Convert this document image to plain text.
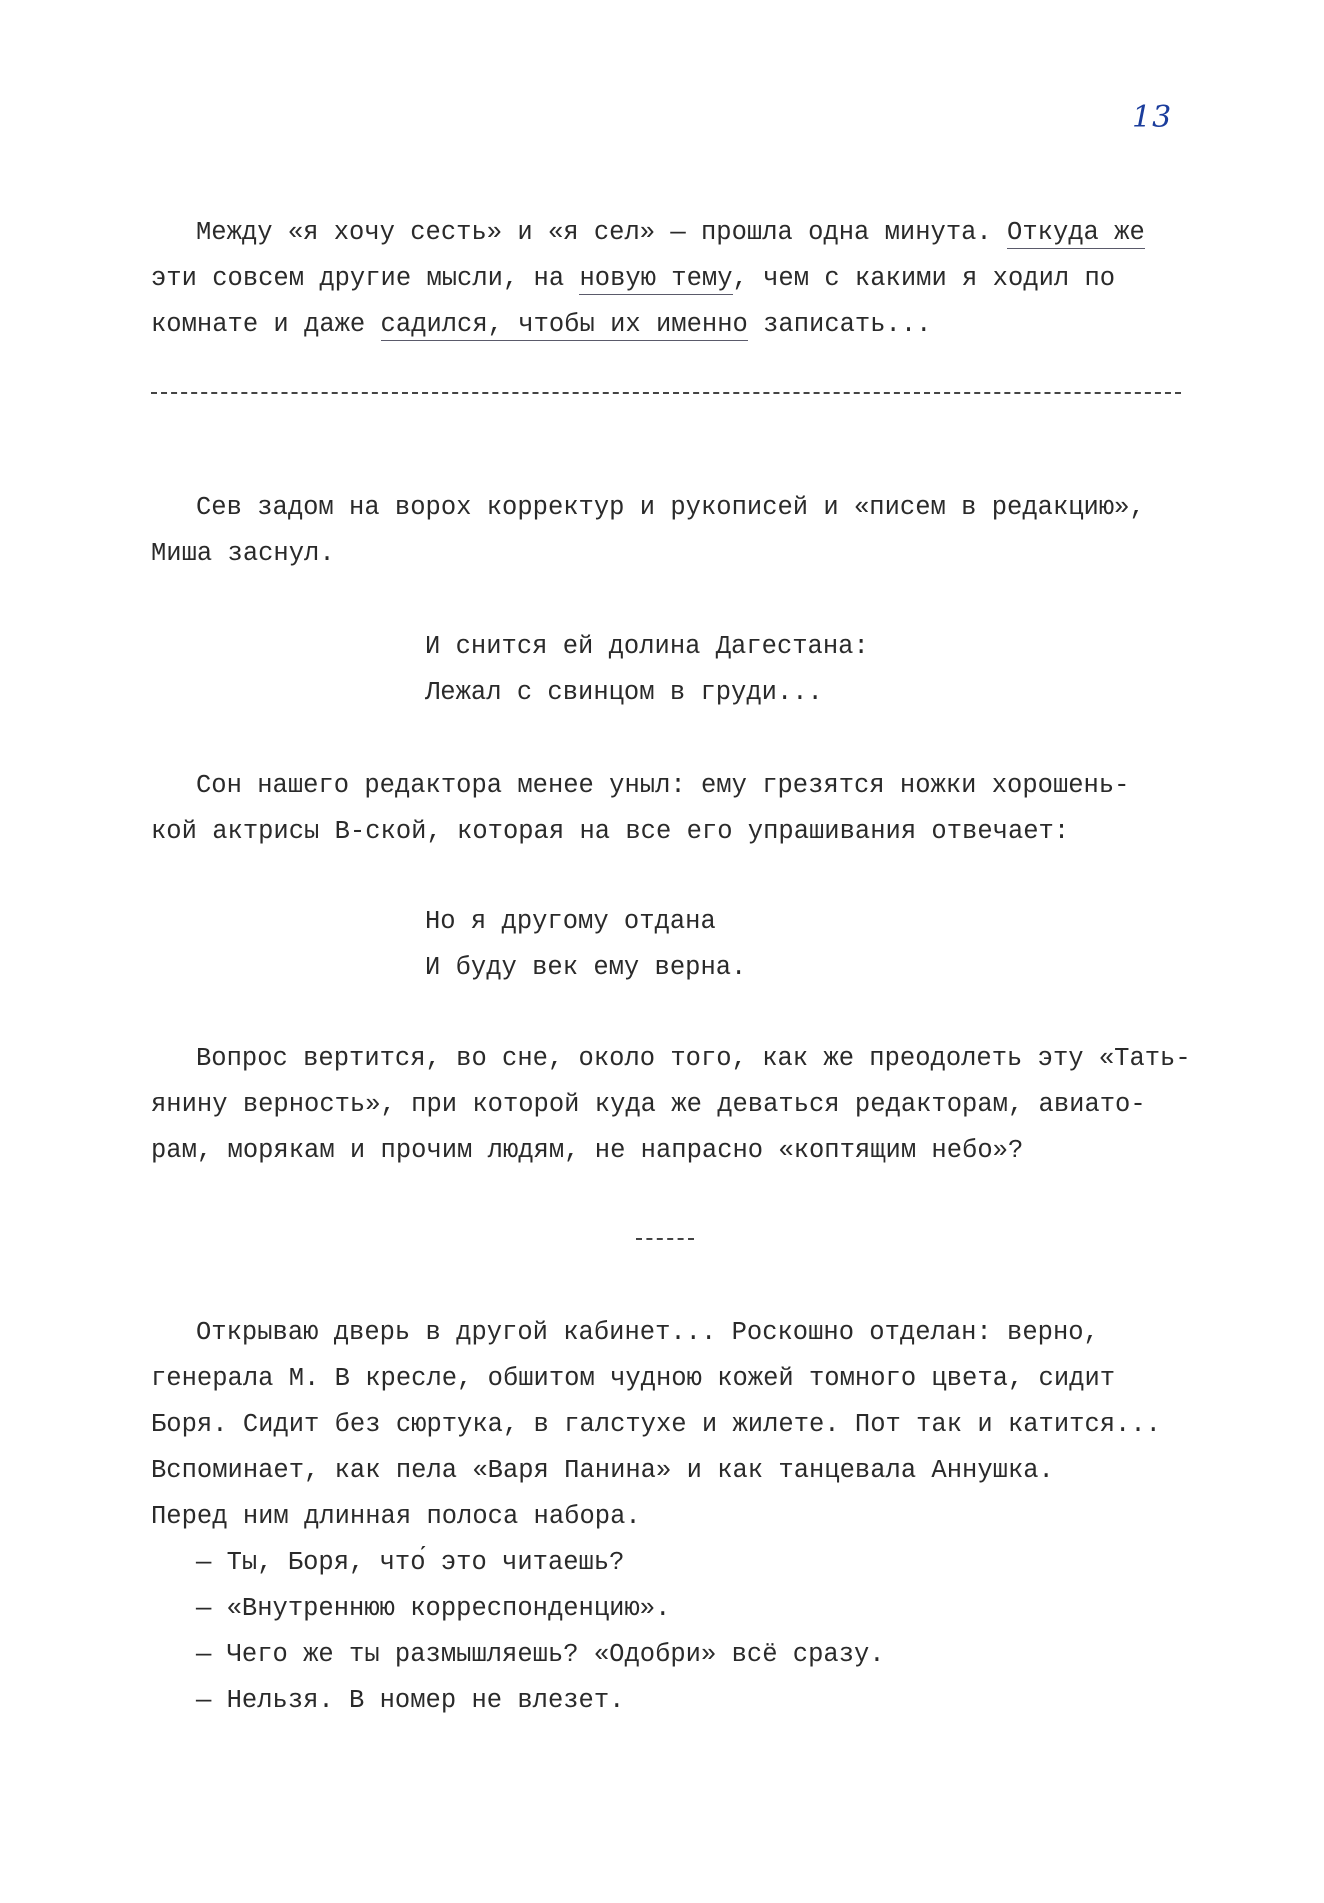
13
Между «я хочу сесть» и «я сел» — прошла одна минута. Откуда же
эти совсем другие мысли, на новую тему, чем с какими я ходил по
комнате и даже садился, чтобы их именно записать...
Сев задом на ворох корректур и рукописей и «писем в редакцию»,
Миша заснул.
И снится ей долина Дагестана:
Лежал с свинцом в груди...
Сон нашего редактора менее уныл: ему грезятся ножки хорошень-
кой актрисы В-ской, которая на все его упрашивания отвечает:
Но я другому отдана
И буду век ему верна.
Вопрос вертится, во сне, около того, как же преодолеть эту «Тать-
янину верность», при которой куда же деваться редакторам, авиато-
рам, морякам и прочим людям, не напрасно «коптящим небо»?
Открываю дверь в другой кабинет... Роскошно отделан: верно,
генерала М. В кресле, обшитом чудною кожей томного цвета, сидит
Боря. Сидит без сюртука, в галстухе и жилете. Пот так и катится...
Вспоминает, как пела «Варя Панина» и как танцевала Аннушка.
Перед ним длинная полоса набора.
— Ты, Боря, что́ это читаешь?
— «Внутреннюю корреспонденцию».
— Чего же ты размышляешь? «Одобри» всё сразу.
— Нельзя. В номер не влезет.
